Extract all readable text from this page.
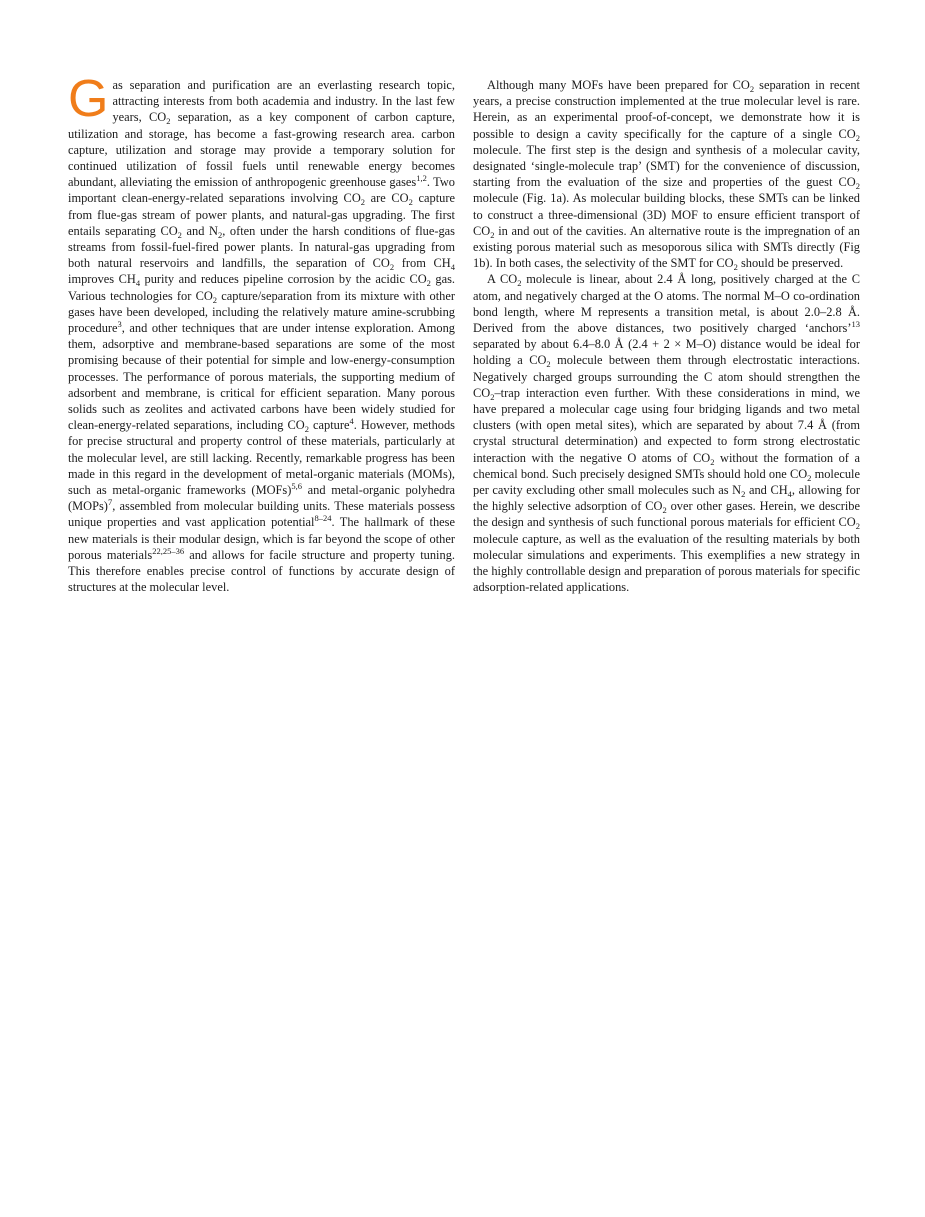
Gas separation and purification are an everlasting research topic, attracting interests from both academia and industry. In the last few years, $CO_2$ separation, as a key component of carbon capture, utilization and storage, has become a fast-growing research area. carbon capture, utilization and storage may provide a temporary solution for continued utilization of fossil fuels until renewable energy becomes abundant, alleviating the emission of anthropogenic greenhouse gases$^{1,2}$. Two important clean-energy-related separations involving $CO_2$ are $CO_2$ capture from flue-gas stream of power plants, and natural-gas upgrading. The first entails separating $CO_2$ and $N_2$, often under the harsh conditions of flue-gas streams from fossil-fuel-fired power plants. In natural-gas upgrading from both natural reservoirs and landfills, the separation of $CO_2$ from $CH_4$ improves $CH_4$ purity and reduces pipeline corrosion by the acidic $CO_2$ gas. Various technologies for $CO_2$ capture/separation from its mixture with other gases have been developed, including the relatively mature amine-scrubbing procedure$^3$, and other techniques that are under intense exploration. Among them, adsorptive and membrane-based separations are some of the most promising because of their potential for simple and low-energy-consumption processes. The performance of porous materials, the supporting medium of adsorbent and membrane, is critical for efficient separation. Many porous solids such as zeolites and activated carbons have been widely studied for clean-energy-related separations, including $CO_2$ capture$^4$. However, methods for precise structural and property control of these materials, particularly at the molecular level, are still lacking. Recently, remarkable progress has been made in this regard in the development of metal-organic materials (MOMs), such as metal-organic frameworks (MOFs)$^{5,6}$ and metal-organic polyhedra (MOPs)$^7$, assembled from molecular building units. These materials possess unique properties and vast application potential$^{8-24}$. The hallmark of these new materials is their modular design, which is far beyond the scope of other porous materials$^{22,25-36}$ and allows for facile structure and property tuning. This therefore enables precise control of functions by accurate design of structures at the molecular level.

Although many MOFs have been prepared for $CO_2$ separation in recent years, a precise construction implemented at the true molecular level is rare. Herein, as an experimental proof-of-concept, we demonstrate how it is possible to design a cavity specifically for the capture of a single $CO_2$ molecule. The first step is the design and synthesis of a molecular cavity, designated ‘single-molecule trap’ (SMT) for the convenience of discussion, starting from the evaluation of the size and properties of the guest $CO_2$ molecule (Fig. 1a). As molecular building blocks, these SMTs can be linked to construct a three-dimensional (3D) MOF to ensure efficient transport of $CO_2$ in and out of the cavities. An alternative route is the impregnation of an existing porous material such as mesoporous silica with SMTs directly (Fig 1b). In both cases, the selectivity of the SMT for $CO_2$ should be preserved.

A $CO_2$ molecule is linear, about 2.4 Å long, positively charged at the C atom, and negatively charged at the O atoms. The normal M–O co-ordination bond length, where M represents a transition metal, is about 2.0–2.8 Å. Derived from the above distances, two positively charged ‘anchors’$^{13}$ separated by about 6.4–8.0 Å (2.4 + 2 × M–O) distance would be ideal for holding a $CO_2$ molecule between them through electrostatic interactions. Negatively charged groups surrounding the C atom should strengthen the $CO_2$–trap interaction even further. With these considerations in mind, we have prepared a molecular cage using four bridging ligands and two metal clusters (with open metal sites), which are separated by about 7.4 Å (from crystal structural determination) and expected to form strong electrostatic interaction with the negative O atoms of $CO_2$ without the formation of a chemical bond. Such precisely designed SMTs should hold one $CO_2$ molecule per cavity excluding other small molecules such as $N_2$ and $CH_4$, allowing for the highly selective adsorption of $CO_2$ over other gases. Herein, we describe the design and synthesis of such functional porous materials for efficient $CO_2$ molecule capture, as well as the evaluation of the resulting materials by both molecular simulations and experiments. This exemplifies a new strategy in the highly controllable design and preparation of porous materials for specific adsorption-related applications.
